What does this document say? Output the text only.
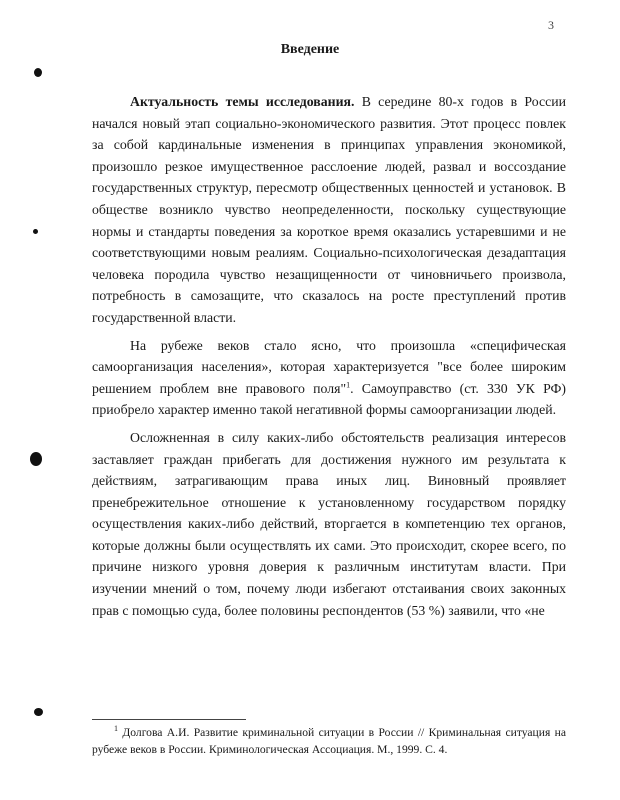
3
Введение

Актуальность темы исследования. В середине 80-х годов в России начался новый этап социально-экономического развития. Этот процесс повлек за собой кардинальные изменения в принципах управления экономикой, произошло резкое имущественное расслоение людей, развал и воссоздание государственных структур, пересмотр общественных ценностей и установок. В обществе возникло чувство неопределенности, поскольку существующие нормы и стандарты поведения за короткое время оказались устаревшими и не соответствующими новым реалиям. Социально-психологическая дезадаптация человека породила чувство незащищенности от чиновничьего произвола, потребность в самозащите, что сказалось на росте преступлений против государственной власти.

На рубеже веков стало ясно, что произошла «специфическая самоорганизация населения», которая характеризуется "все более широким решением проблем вне правового поля"$^1$. Самоуправство (ст. 330 УК РФ) приобрело характер именно такой негативной формы самоорганизации людей.

Осложненная в силу каких-либо обстоятельств реализация интересов заставляет граждан прибегать для достижения нужного им результата к действиям, затрагивающим права иных лиц. Виновный проявляет пренебрежительное отношение к установленному государством порядку осуществления каких-либо действий, вторгается в компетенцию тех органов, которые должны были осуществлять их сами. Это происходит, скорее всего, по причине низкого уровня доверия к различным институтам власти. При изучении мнений о том, почему люди избегают отстаивания своих законных прав с помощью суда, более половины респондентов (53 %) заявили, что «не

$^1$ Долгова А.И. Развитие криминальной ситуации в России // Криминальная ситуация на рубеже веков в России. Криминологическая Ассоциация. М., 1999. С. 4.
